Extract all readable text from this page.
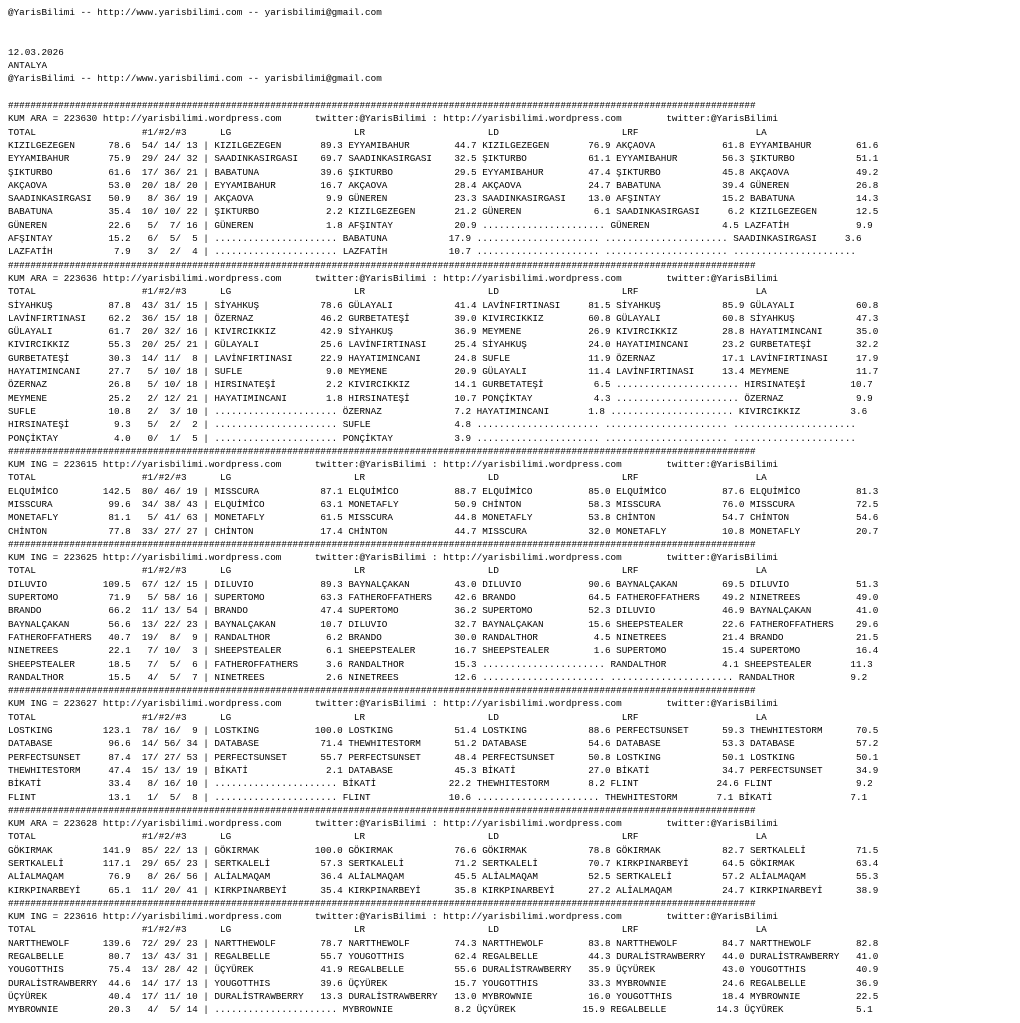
@YarisBilimi -- http://www.yarisbilimi.com -- yarisbilimi@gmail.com

12.03.2026
ANTALYA
@YarisBilimi -- http://www.yarisbilimi.com -- yarisbilimi@gmail.com

######################################################################################################################################
KUM ARA = 223630 http://yarisbilimi.wordpress.com      twitter:@YarisBilimi : http://yarisbilimi.wordpress.com        twitter:@YarisBilimi
TOTAL                   #1/#2/#3      LG                      LR                      LD                      LRF                     LA
KIZILGEZEGEN      78.6  54/ 14/ 13 | KIZILGEZEGEN       89.3 EYYAMIBAHUR        44.7 KIZILGEZEGEN       76.9 AKÇAOVA            61.8 EYYAMIBAHUR        61.6
EYYAMIBAHUR       75.9  29/ 24/ 32 | SAADINKASIRGASI    69.7 SAADINKASIRGASI    32.5 ŞIKTURBO           61.1 EYYAMIBAHUR        56.3 ŞIKTURBO           51.1
ŞIKTURBO          61.6  17/ 36/ 21 | BABATUNA           39.6 ŞIKTURBO           29.5 EYYAMIBAHUR        47.4 ŞIKTURBO           45.8 AKÇAOVA            49.2
AKÇAOVA           53.0  20/ 18/ 20 | EYYAMIBAHUR        16.7 AKÇAOVA            28.4 AKÇAOVA            24.7 BABATUNA           39.4 GÜNEREN            26.8
SAADINKASIRGASI   50.9   8/ 36/ 19 | AKÇAOVA             9.9 GÜNEREN            23.3 SAADINKASIRGASI    13.0 AFŞINTAY           15.2 BABATUNA           14.3
BABATUNA          35.4  10/ 10/ 22 | ŞIKTURBO            2.2 KIZILGEZEGEN       21.2 GÜNEREN             6.1 SAADINKASIRGASI     6.2 KIZILGEZEGEN       12.5
GÜNEREN           22.6   5/  7/ 16 | GÜNEREN             1.8 AFŞINTAY           20.9 ...................... GÜNEREN             4.5 LAZFATİH            9.9
AFŞINTAY          15.2   6/  5/  5 | ...................... BABATUNA           17.9 ...................... ...................... SAADINKASIRGASI     3.6
LAZFATİH           7.9   3/  2/  4 | ...................... LAZFATİH           10.7 ...................... ...................... ......................
######################################################################################################################################
KUM ARA = 223636 http://yarisbilimi.wordpress.com      twitter:@YarisBilimi : http://yarisbilimi.wordpress.com        twitter:@YarisBilimi
TOTAL                   #1/#2/#3      LG                      LR                      LD                      LRF                     LA
SİYAHKUŞ          87.8  43/ 31/ 15 | SİYAHKUŞ           78.6 GÜLAYALI           41.4 LAVİNFIRTINASI     81.5 SİYAHKUŞ           85.9 GÜLAYALI           60.8
LAVİNFIRTINASI    62.2  36/ 15/ 18 | ÖZERNAZ            46.2 GURBETATEŞİ        39.0 KIVIRCIKKIZ        60.8 GÜLAYALI           60.8 SİYAHKUŞ           47.3
GÜLAYALI          61.7  20/ 32/ 16 | KIVIRCIKKIZ        42.9 SİYAHKUŞ           36.9 MEYMENE            26.9 KIVIRCIKKIZ        28.8 HAYATIMINCANI      35.0
KIVIRCIKKIZ       55.3  20/ 25/ 21 | GÜLAYALI           25.6 LAVİNFIRTINASI     25.4 SİYAHKUŞ           24.0 HAYATIMINCANI      23.2 GURBETATEŞİ        32.2
GURBETATEŞİ       30.3  14/ 11/  8 | LAVİNFIRTINASI     22.9 HAYATIMINCANI      24.8 SUFLE              11.9 ÖZERNAZ            17.1 LAVİNFIRTINASI     17.9
HAYATIMINCANI     27.7   5/ 10/ 18 | SUFLE               9.0 MEYMENE            20.9 GÜLAYALI           11.4 LAVİNFIRTINASI     13.4 MEYMENE            11.7
ÖZERNAZ           26.8   5/ 10/ 18 | HIRSINATEŞİ         2.2 KIVIRCIKKIZ        14.1 GURBETATEŞİ         6.5 ...................... HIRSINATEŞİ        10.7
MEYMENE           25.2   2/ 12/ 21 | HAYATIMINCANI       1.8 HIRSINATEŞİ        10.7 PONÇİKTAY           4.3 ...................... ÖZERNAZ             9.9
SUFLE             10.8   2/  3/ 10 | ...................... ÖZERNAZ             7.2 HAYATIMINCANI       1.8 ...................... KIVIRCIKKIZ         3.6
HIRSINATEŞİ        9.3   5/  2/  2 | ...................... SUFLE               4.8 ...................... ...................... ......................
PONÇİKTAY          4.0   0/  1/  5 | ...................... PONÇİKTAY           3.9 ...................... ...................... ......................
######################################################################################################################################
KUM ING = 223615 http://yarisbilimi.wordpress.com      twitter:@YarisBilimi : http://yarisbilimi.wordpress.com        twitter:@YarisBilimi
TOTAL                   #1/#2/#3      LG                      LR                      LD                      LRF                     LA
ELQUİMİCO        142.5  80/ 46/ 19 | MISSCURA           87.1 ELQUİMİCO          88.7 ELQUİMİCO          85.0 ELQUİMİCO          87.6 ELQUİMİCO          81.3
MISSCURA          99.6  34/ 38/ 43 | ELQUİMİCO          63.1 MONETAFLY          50.9 CHİNTON            58.3 MISSCURA           76.0 MISSCURA           72.5
MONETAFLY         81.1   5/ 41/ 63 | MONETAFLY          61.5 MISSCURA           44.8 MONETAFLY          53.8 CHİNTON            54.7 CHİNTON            54.6
CHİNTON           77.8  33/ 27/ 27 | CHİNTON            17.4 CHİNTON            44.7 MISSCURA           32.0 MONETAFLY          10.8 MONETAFLY          20.7
######################################################################################################################################
KUM ING = 223625 http://yarisbilimi.wordpress.com      twitter:@YarisBilimi : http://yarisbilimi.wordpress.com        twitter:@YarisBilimi
TOTAL                   #1/#2/#3      LG                      LR                      LD                      LRF                     LA
DILUVIO          109.5  67/ 12/ 15 | DILUVIO            89.3 BAYNALÇAKAN        43.0 DILUVIO            90.6 BAYNALÇAKAN        69.5 DILUVIO            51.3
SUPERTOMO         71.9   5/ 58/ 16 | SUPERTOMO          63.3 FATHEROFFATHERS    42.6 BRANDO             64.5 FATHEROFFATHERS    49.2 NINETREES          49.0
BRANDO            66.2  11/ 13/ 54 | BRANDO             47.4 SUPERTOMO          36.2 SUPERTOMO          52.3 DILUVIO            46.9 BAYNALÇAKAN        41.0
BAYNALÇAKAN       56.6  13/ 22/ 23 | BAYNALÇAKAN        10.7 DILUVIO            32.7 BAYNALÇAKAN        15.6 SHEEPSTEALER       22.6 FATHEROFFATHERS    29.6
FATHEROFFATHERS   40.7  19/  8/  9 | RANDALTHOR          6.2 BRANDO             30.0 RANDALTHOR          4.5 NINETREES          21.4 BRANDO             21.5
NINETREES         22.1   7/ 10/  3 | SHEEPSTEALER        6.1 SHEEPSTEALER       16.7 SHEEPSTEALER        1.6 SUPERTOMO          15.4 SUPERTOMO          16.4
SHEEPSTEALER      18.5   7/  5/  6 | FATHEROFFATHERS     3.6 RANDALTHOR         15.3 ...................... RANDALTHOR          4.1 SHEEPSTEALER       11.3
RANDALTHOR        15.5   4/  5/  7 | NINETREES           2.6 NINETREES          12.6 ...................... ...................... RANDALTHOR          9.2
######################################################################################################################################
KUM ING = 223627 http://yarisbilimi.wordpress.com      twitter:@YarisBilimi : http://yarisbilimi.wordpress.com        twitter:@YarisBilimi
TOTAL                   #1/#2/#3      LG                      LR                      LD                      LRF                     LA
LOSTKING         123.1  78/ 16/  9 | LOSTKING          100.0 LOSTKING           51.4 LOSTKING           88.6 PERFECTSUNSET      59.3 THEWHITESTORM      70.5
DATABASE          96.6  14/ 56/ 34 | DATABASE           71.4 THEWHITESTORM      51.2 DATABASE           54.6 DATABASE           53.3 DATABASE           57.2
PERFECTSUNSET     87.4  17/ 27/ 53 | PERFECTSUNSET      55.7 PERFECTSUNSET      48.4 PERFECTSUNSET      50.8 LOSTKING           50.1 LOSTKING           50.1
THEWHITESTORM     47.4  15/ 13/ 19 | BİKATİ              2.1 DATABASE           45.3 BİKATİ             27.0 BİKATİ             34.7 PERFECTSUNSET      34.9
BİKATİ            33.4   8/ 16/ 10 | ...................... BİKATİ             22.2 THEWHITESTORM       8.2 FLINT              24.6 FLINT               9.2
FLINT             13.1   1/  5/  8 | ...................... FLINT              10.6 ...................... THEWHITESTORM       7.1 BİKATİ              7.1
######################################################################################################################################
KUM ARA = 223628 http://yarisbilimi.wordpress.com      twitter:@YarisBilimi : http://yarisbilimi.wordpress.com        twitter:@YarisBilimi
TOTAL                   #1/#2/#3      LG                      LR                      LD                      LRF                     LA
GÖKIRMAK         141.9  85/ 22/ 13 | GÖKIRMAK          100.0 GÖKIRMAK           76.6 GÖKIRMAK           78.8 GÖKIRMAK           82.7 SERTKALELİ         71.5
SERTKALELİ       117.1  29/ 65/ 23 | SERTKALELİ         57.3 SERTKALELİ         71.2 SERTKALELİ         70.7 KIRKPINARBEYİ      64.5 GÖKIRMAK           63.4
ALİALMAQAM        76.9   8/ 26/ 56 | ALİALMAQAM         36.4 ALİALMAQAM         45.5 ALİALMAQAM         52.5 SERTKALELİ         57.2 ALİALMAQAM         55.3
KIRKPINARBEYİ     65.1  11/ 20/ 41 | KIRKPINARBEYİ      35.4 KIRKPINARBEYİ      35.8 KIRKPINARBEYİ      27.2 ALİALMAQAM         24.7 KIRKPINARBEYİ      38.9
######################################################################################################################################
KUM ING = 223616 http://yarisbilimi.wordpress.com      twitter:@YarisBilimi : http://yarisbilimi.wordpress.com        twitter:@YarisBilimi
TOTAL                   #1/#2/#3      LG                      LR                      LD                      LRF                     LA
NARTTHEWOLF      139.6  72/ 29/ 23 | NARTTHEWOLF        78.7 NARTTHEWOLF        74.3 NARTTHEWOLF        83.8 NARTTHEWOLF        84.7 NARTTHEWOLF        82.8
REGALBELLE        80.7  13/ 43/ 31 | REGALBELLE         55.7 YOUGOTTHIS         62.4 REGALBELLE         44.3 DURALİSTRAWBERRY   44.0 DURALİSTRAWBERRY   41.0
YOUGOTTHIS        75.4  13/ 28/ 42 | ÜÇYÜREK            41.9 REGALBELLE         55.6 DURALİSTRAWBERRY   35.9 ÜÇYÜREK            43.0 YOUGOTTHIS         40.9
DURALİSTRAWBERRY  44.6  14/ 17/ 13 | YOUGOTTHIS         39.6 ÜÇYÜREK            15.7 YOUGOTTHIS         33.3 MYBROWNIE          24.6 REGALBELLE         36.9
ÜÇYÜREK           40.4  17/ 11/ 10 | DURALİSTRAWBERRY   13.3 DURALİSTRAWBERRY   13.0 MYBROWNIE          16.0 YOUGOTTHIS         18.4 MYBROWNIE          22.5
MYBROWNIE         20.3   4/  5/ 14 | ...................... MYBROWNIE           8.2 ÜÇYÜREK            15.9 REGALBELLE         14.3 ÜÇYÜREK             5.1
